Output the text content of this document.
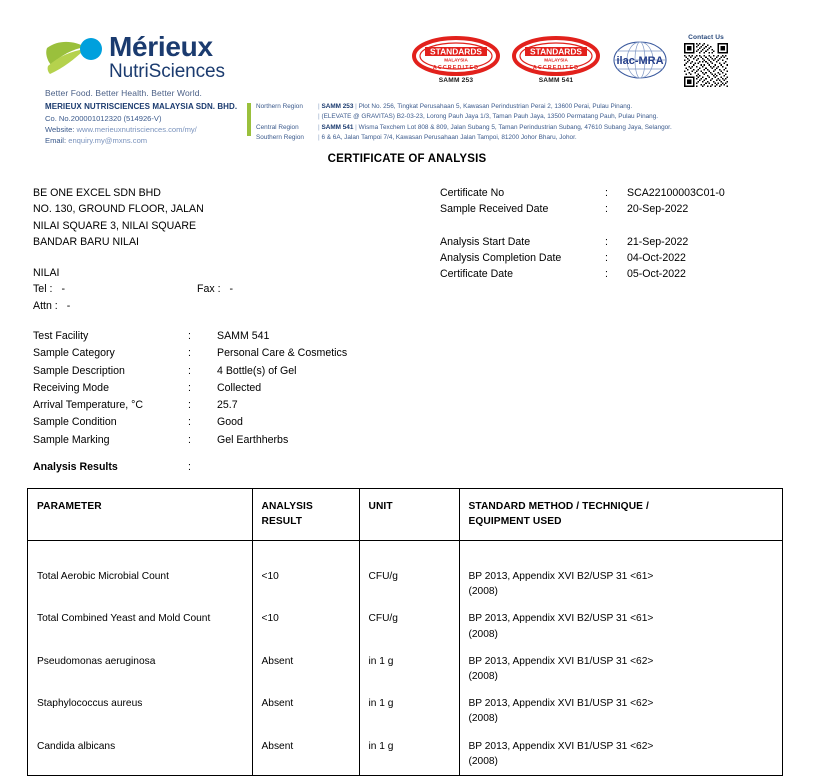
Mérieux
NutriSciences
Better Food. Better Health. Better World.
MERIEUX NUTRISCIENCES MALAYSIA SDN. BHD.
Co. No.200001012320 (514926-V)
Website: www.merieuxnutrisciences.com/my/
Email: enquiry.my@mxns.com
Northern Region | SAMM 253 | Plot No. 256, Tingkat Perusahaan 5, Kawasan Perindustrian Perai 2, 13600 Perai, Pulau Pinang.
| (ELEVATE @ GRAVITAS) B2-03-23, Lorong Pauh Jaya 1/3, Taman Pauh Jaya, 13500 Permatang Pauh, Pulau Pinang.
Central Region	| SAMM 541 | Wisma Texchem Lot 808 & 809, Jalan Subang 5, Taman Perindustrian Subang, 47610 Subang Jaya, Selangor.
Southern Region | 6 & 6A, Jalan Tampoi 7/4, Kawasan Perusahaan Jalan Tampoi, 81200 Johor Bharu, Johor.
STANDARDS
MALAYSIA
ACCREDITED
SAMM 253
STANDARDS
MALAYSIA
ACCREDITED
SAMM 541
ilac-MRA
Contact Us
CERTIFICATE OF ANALYSIS
BE ONE EXCEL SDN BHD
NO. 130, GROUND FLOOR, JALAN
NILAI SQUARE 3, NILAI SQUARE
BANDAR BARU NILAI
NILAI
Tel : -	Fax : -
Attn : -
Certificate No	:	SCA22100003C01-0
Sample Received Date	:	20-Sep-2022
Analysis Start Date	:	21-Sep-2022
Analysis Completion Date	:	04-Oct-2022
Certificate Date	:	05-Oct-2022
Test Facility	:	SAMM 541
Sample Category	:	Personal Care & Cosmetics
Sample Description	:	4 Bottle(s) of Gel
Receiving Mode	:	Collected
Arrival Temperature, °C	:	25.7
Sample Condition	:	Good
Sample Marking	:	Gel Earthherbs
Analysis Results	:
PARAMETER	ANALYSIS
RESULT
	UNIT	STANDARD METHOD / TECHNIQUE /
EQUIPMENT USED

Total Aerobic Microbial Count	<10	CFU/g	BP 2013, Appendix XVI B2/USP 31 <61>
(2008)

Total Combined Yeast and Mold Count	<10	CFU/g	BP 2013, Appendix XVI B2/USP 31 <61>
(2008)

Pseudomonas aeruginosa	Absent	in 1 g	BP 2013, Appendix XVI B1/USP 31 <62>
(2008)

Staphylococcus aureus	Absent	in 1 g	BP 2013, Appendix XVI B1/USP 31 <62>
(2008)

Candida albicans	Absent	in 1 g	BP 2013, Appendix XVI B1/USP 31 <62>
(2008)
